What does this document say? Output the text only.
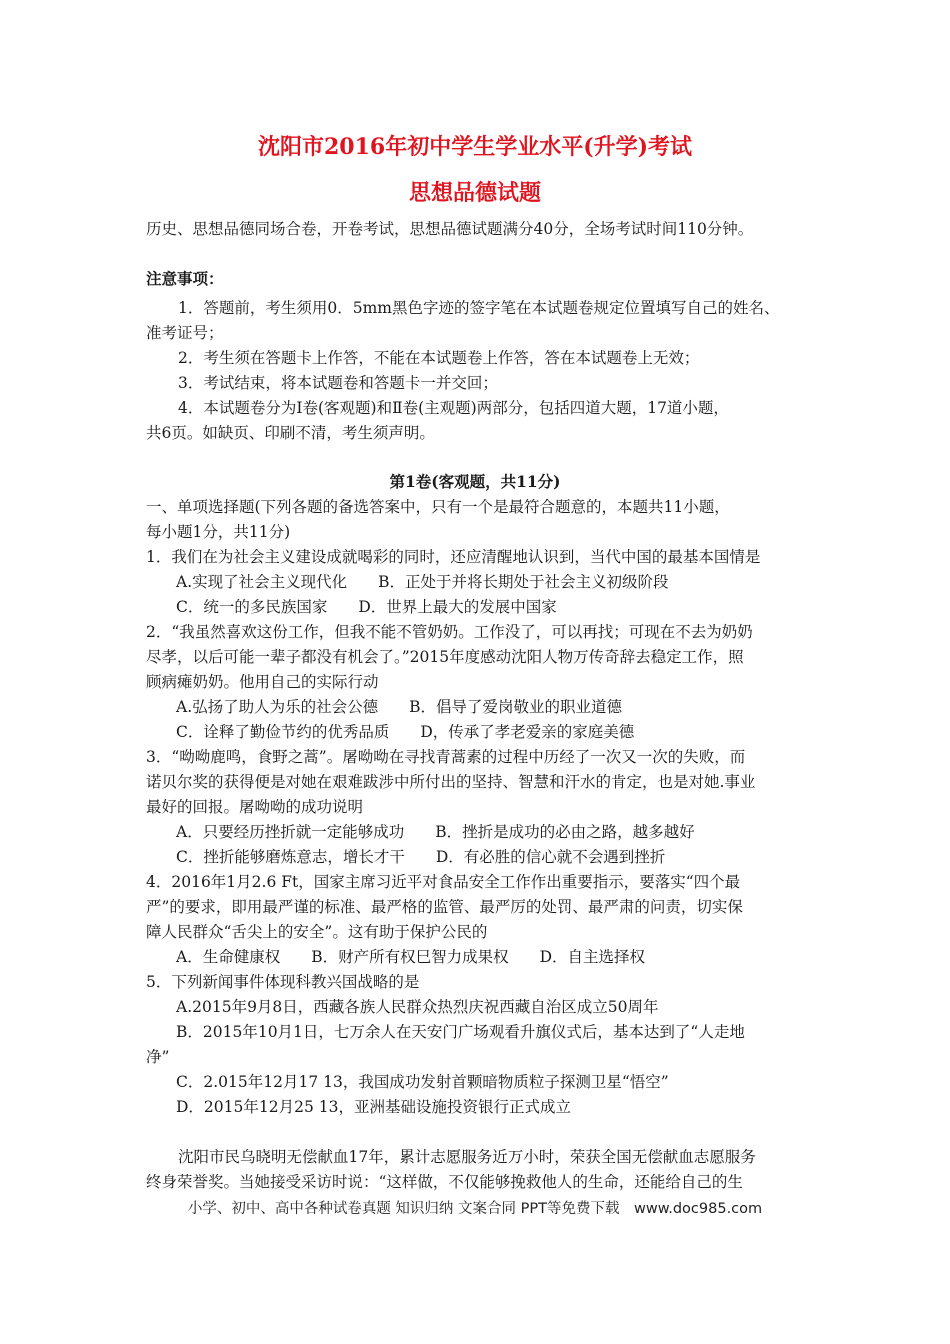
沈阳市2016年初中学生学业水平(升学)考试
思想品德试题
历史、思想品德同场合卷，开卷考试，思想品德试题满分40分，全场考试时间110分钟。
注意事项：
1．答题前，考生须用0．5mm黑色字迹的签字笔在本试题卷规定位置填写自己的姓名、
准考证号；
2．考生须在答题卡上作答，不能在本试题卷上作答，答在本试题卷上无效；
3．考试结束，将本试题卷和答题卡一并交回；
4．本试题卷分为Ⅰ卷(客观题)和Ⅱ卷(主观题)两部分，包括四道大题，17道小题，
共6页。如缺页、印刷不清，考生须声明。
第1卷(客观题，共11分)
一、单项选择题(下列各题的备选答案中，只有一个是最符合题意的，本题共11小题，
每小题1分，共11分)
1．我们在为社会主义建设成就喝彩的同时，还应清醒地认识到，当代中国的最基本国情是
A.实现了社会主义现代化　　B．正处于并将长期处于社会主义初级阶段
C．统一的多民族国家　　D．世界上最大的发展中国家
2．“我虽然喜欢这份工作，但我不能不管奶奶。工作没了，可以再找；可现在不去为奶奶
尽孝，以后可能一辈子都没有机会了。”2015年度感动沈阳人物万传奇辞去稳定工作，照
顾病瘫奶奶。他用自己的实际行动
A.弘扬了助人为乐的社会公德　　B．倡导了爱岗敬业的职业道德
C．诠释了勤俭节约的优秀品质　　D，传承了孝老爱亲的家庭美德
3．“呦呦鹿鸣，食野之蒿”。屠呦呦在寻找青蒿素的过程中历经了一次又一次的失败，而
诺贝尔奖的获得便是对她在艰难跋涉中所付出的坚持、智慧和汗水的肯定，也是对她.事业
最好的回报。屠呦呦的成功说明
A．只要经历挫折就一定能够成功　　B．挫折是成功的必由之路，越多越好
C．挫折能够磨炼意志，增长才干　　D．有必胜的信心就不会遇到挫折
4．2016年1月2.6 Ft，国家主席习近平对食品安全工作作出重要指示，要落实“四个最
严”的要求，即用最严谨的标准、最严格的监管、最严厉的处罚、最严肃的问责，切实保
障人民群众“舌尖上的安全”。这有助于保护公民的
A．生命健康权　　B．财产所有权巳智力成果权　　D．自主选择权
5．下列新闻事件体现科教兴国战略的是
A.2015年9月8日，西藏各族人民群众热烈庆祝西藏自治区成立50周年
B．2015年10月1日，七万余人在天安门广场观看升旗仪式后，基本达到了“人走地
净”
C．2.015年12月17 13，我国成功发射首颗暗物质粒子探测卫星“悟空”
D．2015年12月25 13，亚洲基础设施投资银行正式成立
沈阳市民乌晓明无偿献血17年，累计志愿服务近万小时，荣获全国无偿献血志愿服务
终身荣誉奖。当她接受采访时说：“这样做，不仅能够挽救他人的生命，还能给自己的生
小学、初中、高中各种试卷真题 知识归纳 文案合同 PPT等免费下载　www.doc985.com
